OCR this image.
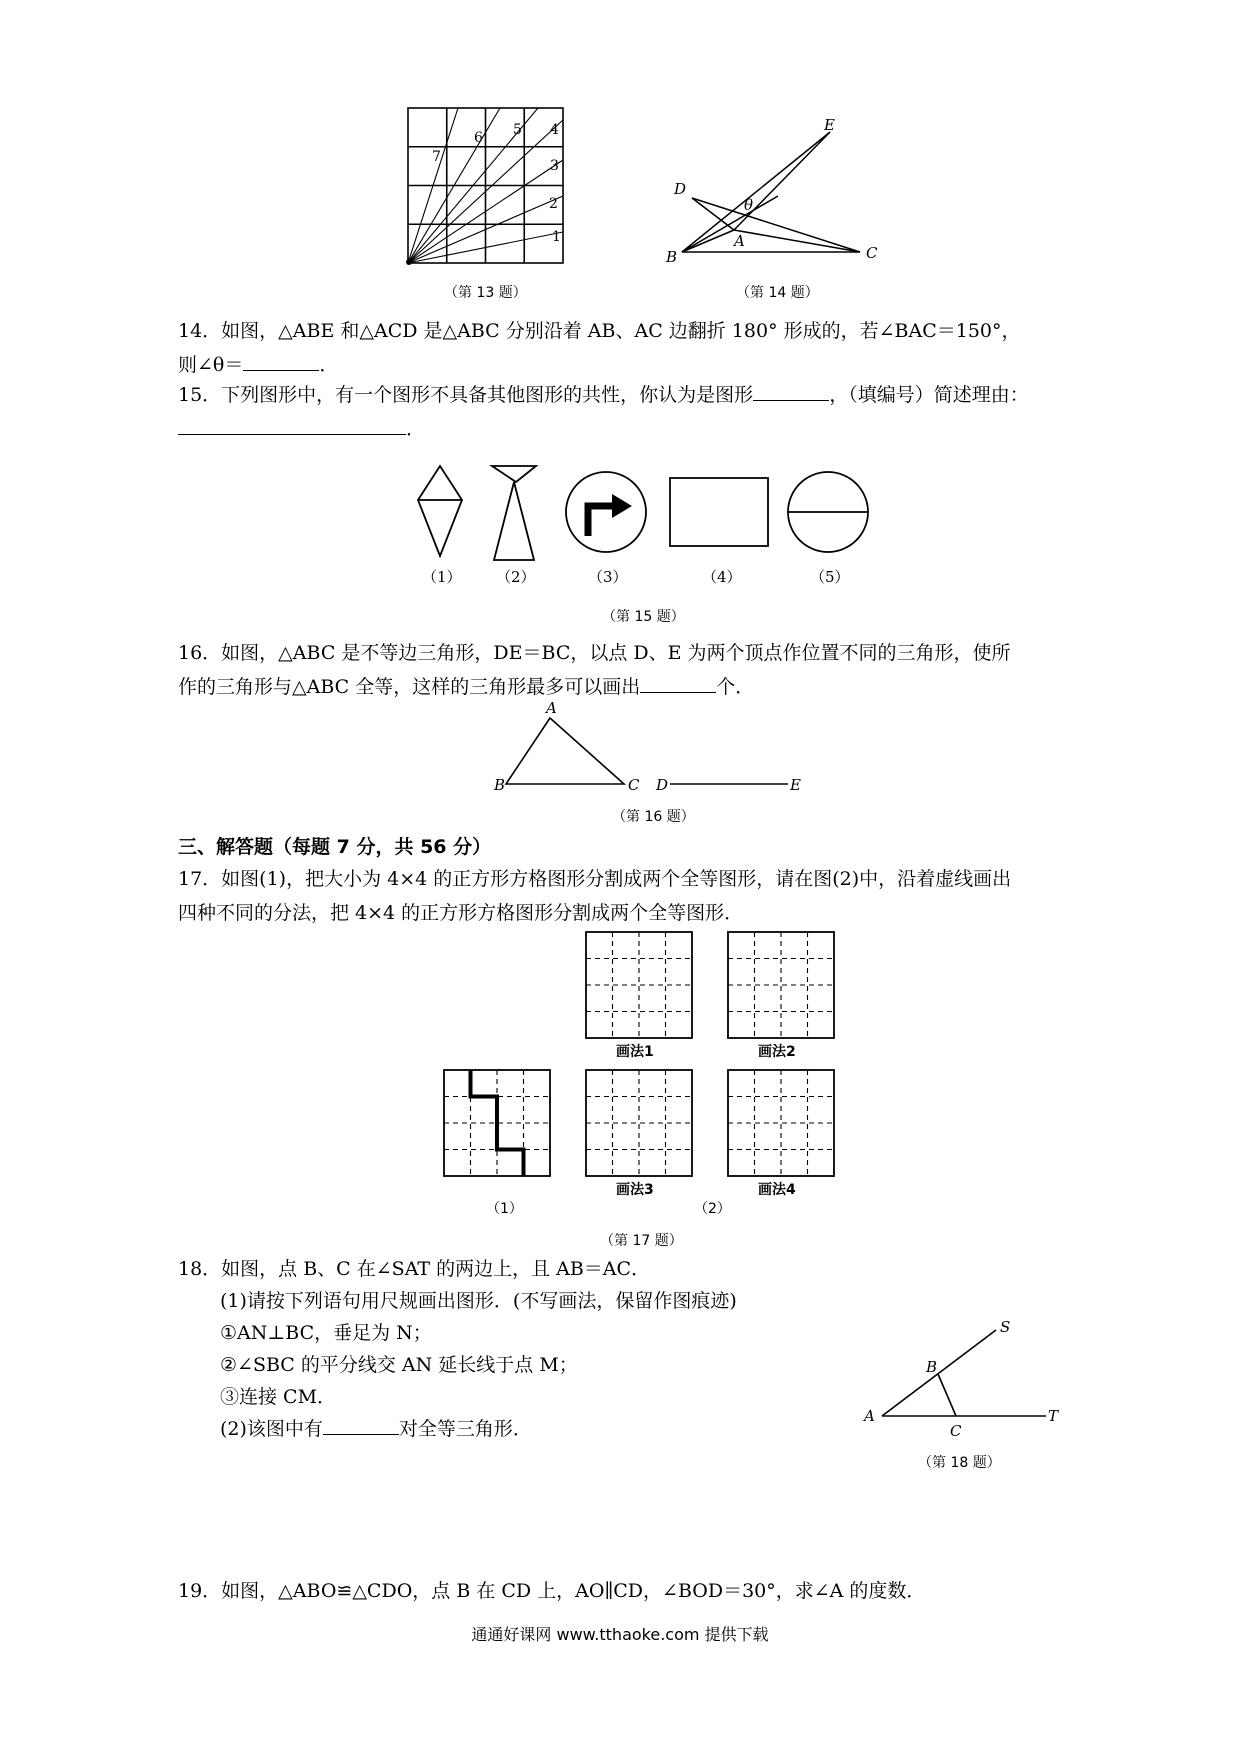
1
2
3
4
5
6
7
（第 13 题）
E
D
θ
A
B	C
（第 14 题）
14．如图，△ABE 和△ACD 是△ABC 分别沿着 AB、AC 边翻折 180° 形成的，若∠BAC＝150°，
则∠θ＝	．
15．下列图形中，有一个图形不具备其他图形的共性，你认为是图形	，（填编号）简述理由：
．
（1） （2）	（3）	（4）	（5）
（第 15 题）
16．如图，△ABC 是不等边三角形，DE＝BC，以点 D、E 为两个顶点作位置不同的三角形，使所
作的三角形与△ABC 全等，这样的三角形最多可以画出	个．
A
B	C D	E
（第 16 题）
三、解答题（每题 7 分，共 56 分）
17．如图(1)，把大小为 4×4 的正方形方格图形分割成两个全等图形，请在图(2)中，沿着虚线画出
四种不同的分法，把 4×4 的正方形方格图形分割成两个全等图形．
画法1	画法2
画法3	画法4
（1）	（2）
（第 17 题）
18．如图，点 B、C 在∠SAT 的两边上，且 AB＝AC．
(1)请按下列语句用尺规画出图形．(不写画法，保留作图痕迹)
①AN⊥BC，垂足为 N；
②∠SBC 的平分线交 AN 延长线于点 M；
③连接 CM．
(2)该图中有	对全等三角形．
S
B
A
C
T
（第 18 题）
19．如图，△ABO≌△CDO，点 B 在 CD 上，AO∥CD，∠BOD＝30°，求∠A 的度数．
通通好课网 www.tthaoke.com 提供下载
